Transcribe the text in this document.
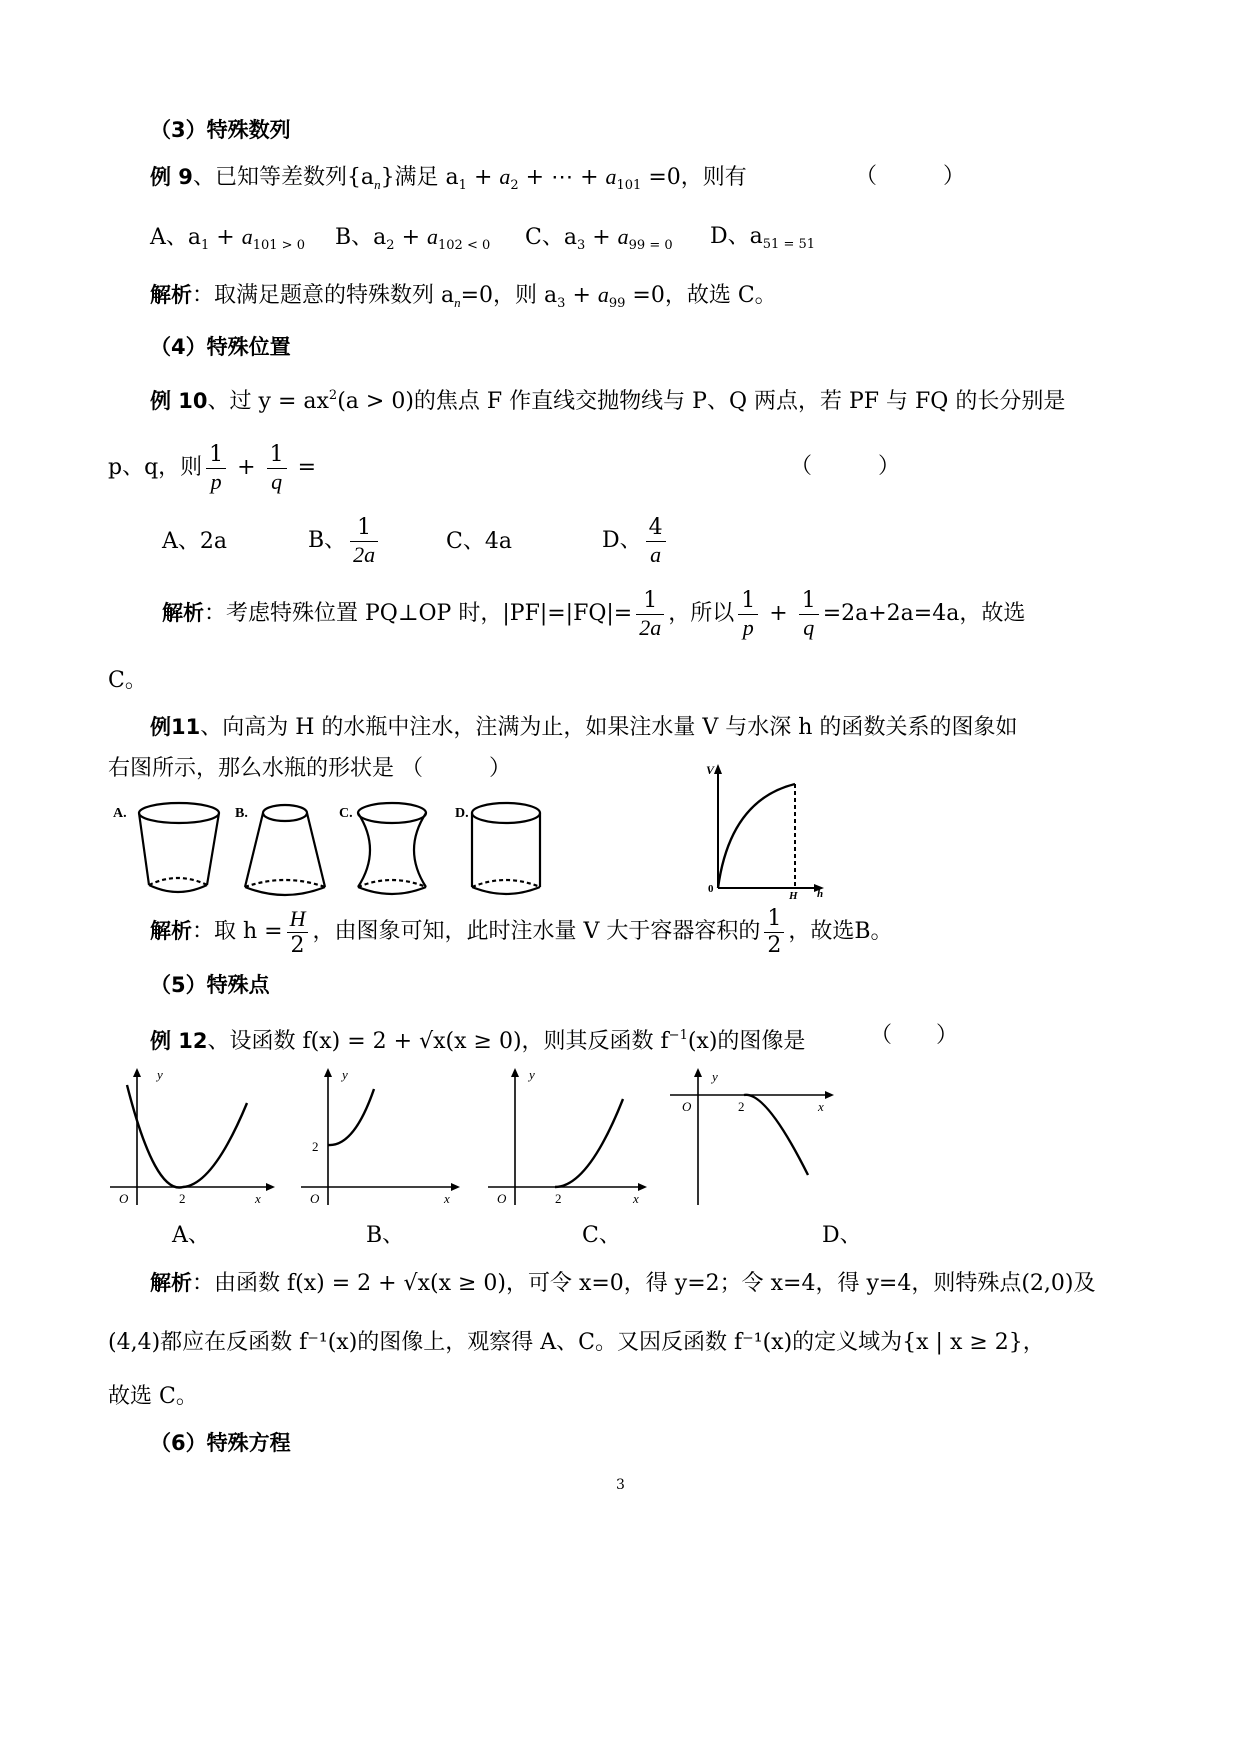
（3）特殊数列
例 9、已知等差数列$\{a_n\}$满足 $a_1 + a_2$ + ⋯ + $a_{101} =0$，则有	（　　　）
A、$a_1 + a_{101 > 0}$ B、$a_2 + a_{102 < 0}$ C、$a_3 + a_{99 = 0}$ D、$a_{51 = 51}$
解析：取满足题意的特殊数列 $a_n=0$，则 $a_3 + a_{99} =0$，故选 C。
（4）特殊位置
例 10、过 $y = ax^2(a > 0)$的焦点 F 作直线交抛物线与 P、Q 两点，若 PF 与 FQ 的长分别是
p、q，则 $\frac{1}{p} + \frac{1}{q}$ =	（　　　）
A、2a	B、 $\frac{1}{2a}$	C、4a	D、 $\frac{4}{a}$
解析：考虑特殊位置 PQ⊥OP 时，$|PF|=|FQ|= \frac{1}{2a}$ ，所以 $\frac{1}{p} + \frac{1}{q} =2a+2a=4a$，故选
C。
例11、向高为 H 的水瓶中注水，注满为止，如果注水量 V 与水深 h 的函数关系的图象如
右图所示，那么水瓶的形状是 （　　　）
A.	B.	C.	D.
V
0
H h
解析：取 $h = \frac{H}{2}$ ，由图象可知，此时注水量 V 大于容器容积的 $\frac{1}{2}$ ，故选B。
（5）特殊点
例 12、设函数 f(x) = 2 + √x(x ≥ 0)，则其反函数 $f^{-1}(x)$的图像是	（　　）
y
O	2	x
A、
y
2
O	x
B、
y
O	2	x
C、
y
O	2	x
D、
解析：由函数 f(x) = 2 + √x(x ≥ 0)，可令 x=0，得 y=2；令 x=4，得 y=4，则特殊点(2,0)及
(4,4)都应在反函数 f⁻¹(x)的图像上，观察得 A、C。又因反函数 f⁻¹(x)的定义域为{x | x ≥ 2}，
故选 C。
（6）特殊方程
3
